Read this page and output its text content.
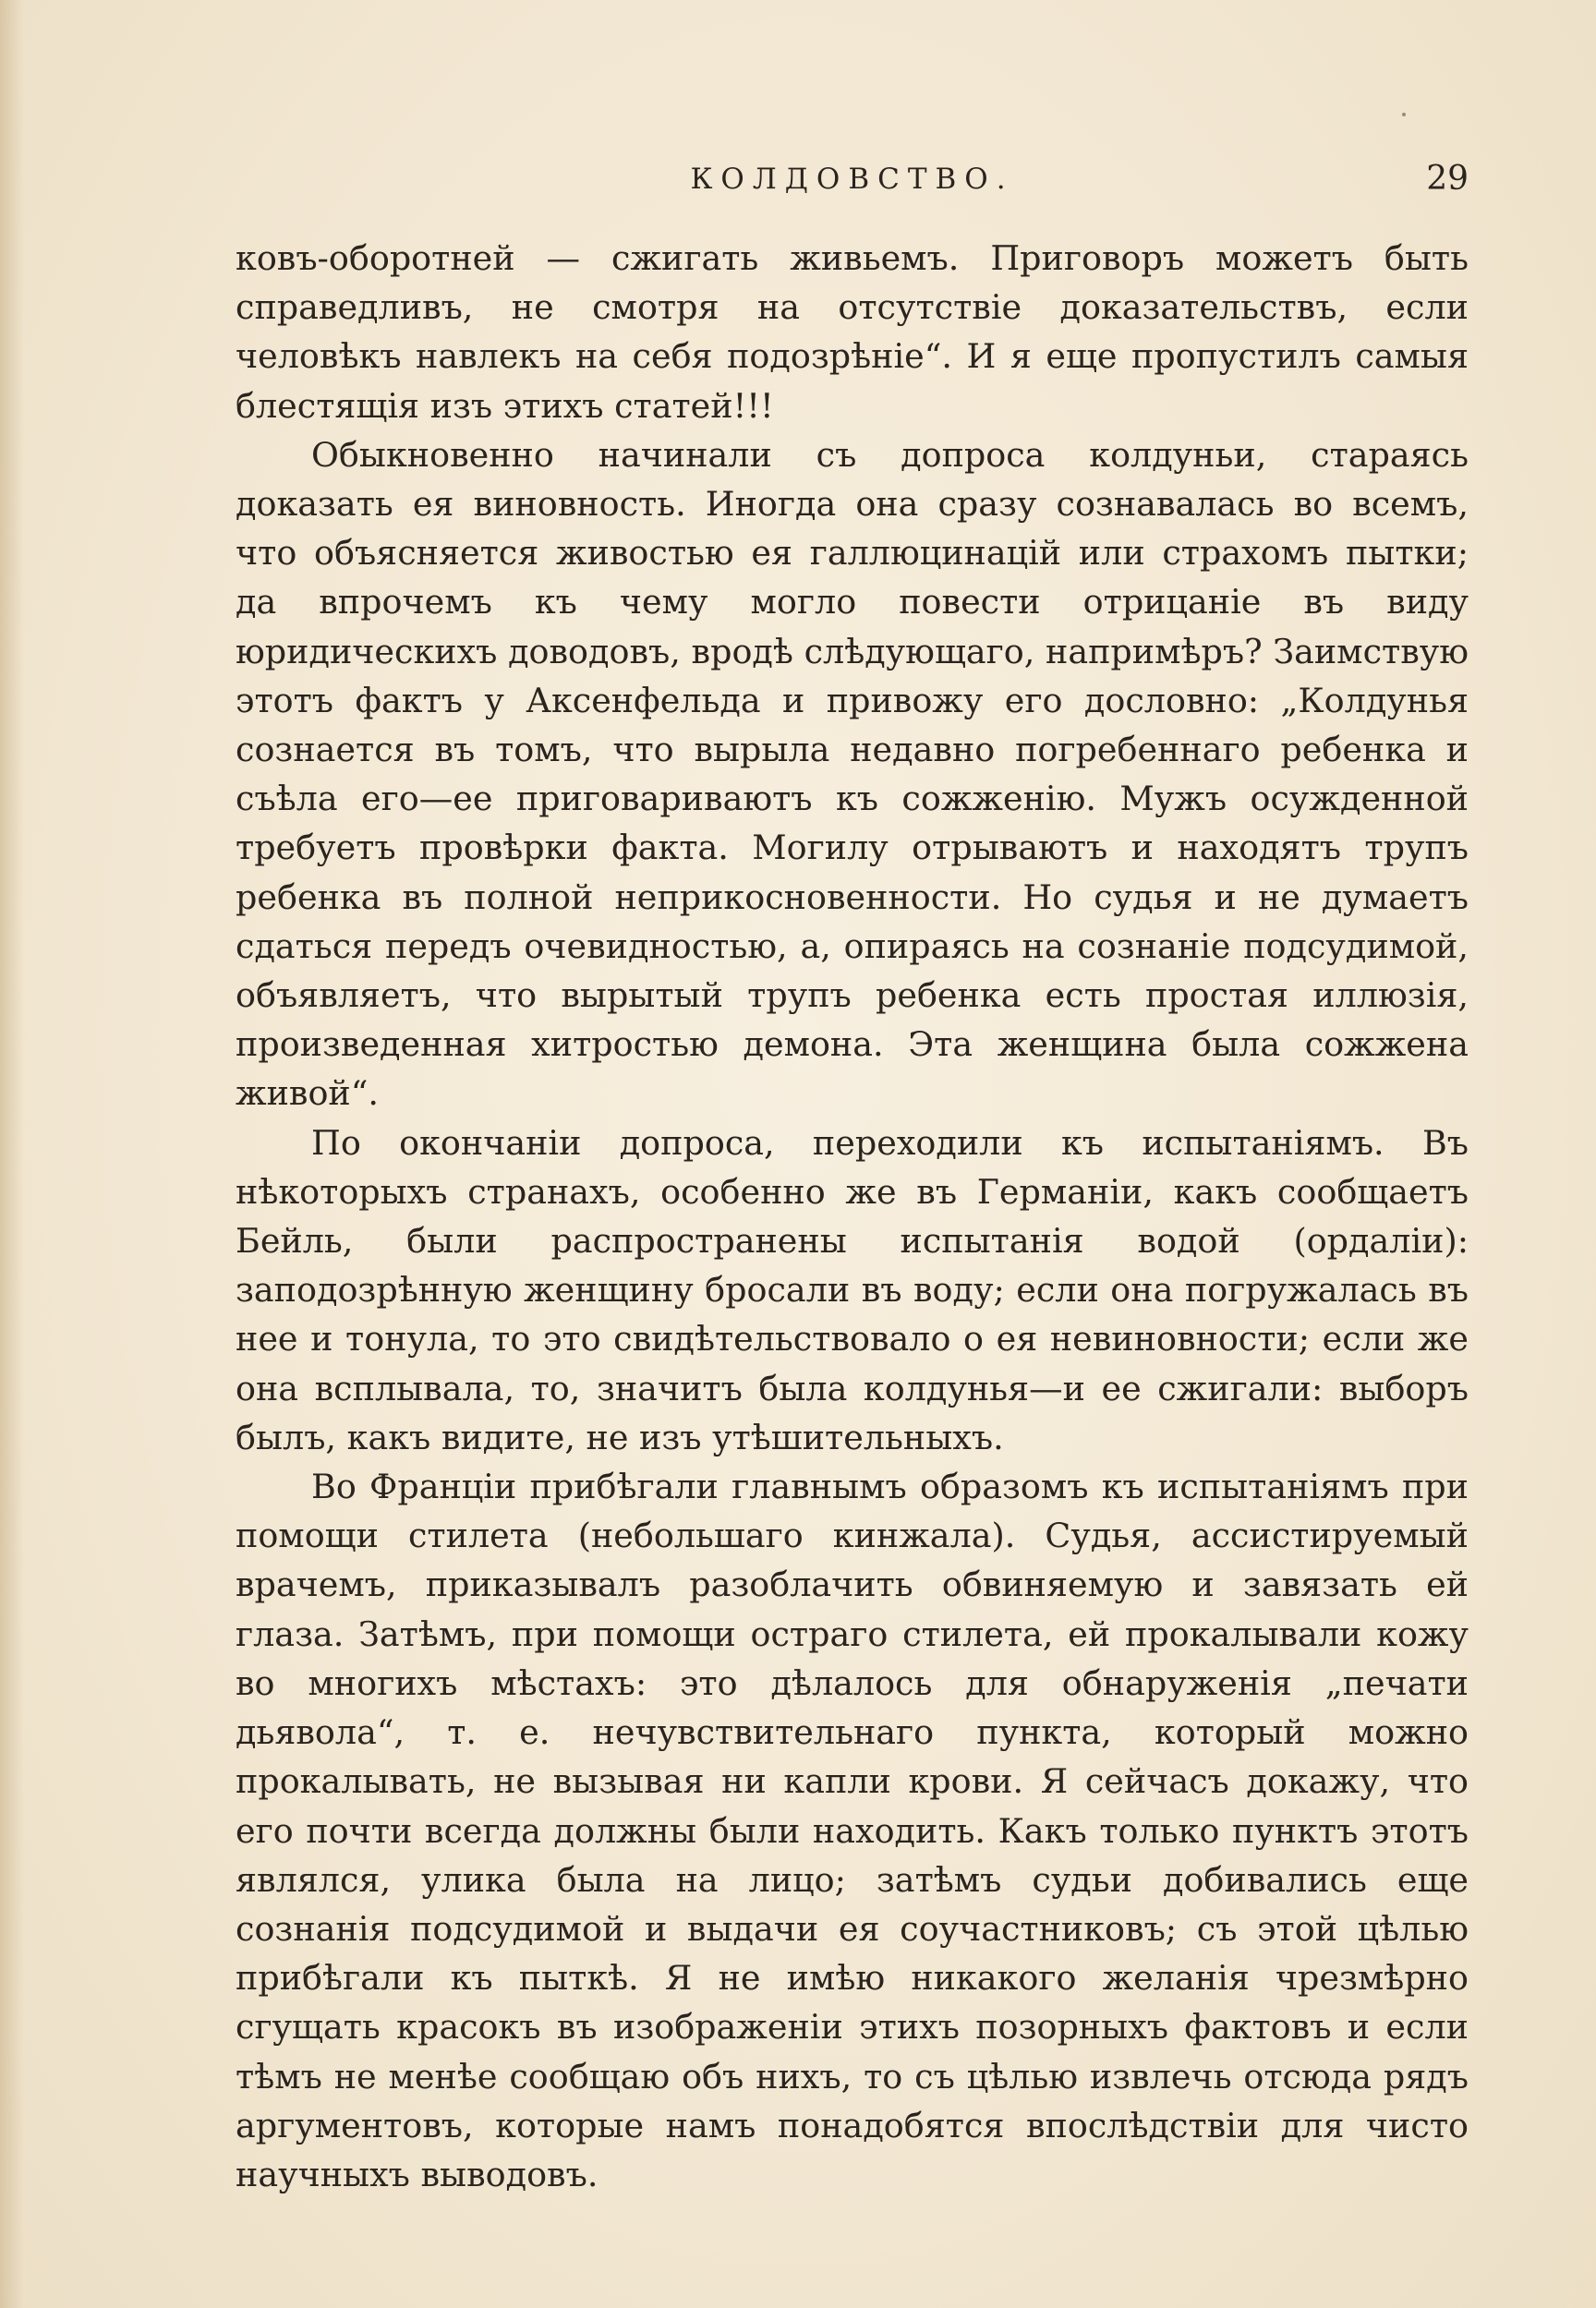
КОЛДОВСТВО.	29

ковъ-оборотней — сжигать живьемъ. Приговоръ можетъ быть справедливъ, не смотря на отсутствіе доказательствъ, если человѣкъ навлекъ на себя подозрѣніе“. И я еще пропустилъ самыя блестящія изъ этихъ статей!!!

Обыкновенно начинали съ допроса колдуньи, стараясь доказать ея виновность. Иногда она сразу сознавалась во всемъ, что объясняется живостью ея галлюцинацій или страхомъ пытки; да впрочемъ къ чему могло повести отрицаніе въ виду юридическихъ доводовъ, вродѣ слѣдующаго, напримѣръ? Заимствую этотъ фактъ у Аксенфельда и привожу его дословно: „Колдунья сознается въ томъ, что вырыла недавно погребеннаго ребенка и съѣла его—ее приговариваютъ къ сожженію. Мужъ осужденной требуетъ провѣрки факта. Могилу отрываютъ и находятъ трупъ ребенка въ полной неприкосновенности. Но судья и не думаетъ сдаться передъ очевидностью, а, опираясь на сознаніе подсудимой, объявляетъ, что вырытый трупъ ребенка есть простая иллюзія, произведенная хитростью демона. Эта женщина была сожжена живой“.

По окончаніи допроса, переходили къ испытаніямъ. Въ нѣкоторыхъ странахъ, особенно же въ Германіи, какъ сообщаетъ Бейль, были распространены испытанія водой (ордаліи): заподозрѣнную женщину бросали въ воду; если она погружалась въ нее и тонула, то это свидѣтельствовало о ея невиновности; если же она всплывала, то, значитъ была колдунья—и ее сжигали: выборъ былъ, какъ видите, не изъ утѣшительныхъ.

Во Франціи прибѣгали главнымъ образомъ къ испытаніямъ при помощи стилета (небольшаго кинжала). Судья, ассистируемый врачемъ, приказывалъ разоблачить обвиняемую и завязать ей глаза. Затѣмъ, при помощи остраго стилета, ей прокалывали кожу во многихъ мѣстахъ: это дѣлалось для обнаруженія „печати дьявола“, т. е. нечувствительнаго пункта, который можно прокалывать, не вызывая ни капли крови. Я сейчасъ докажу, что его почти всегда должны были находить. Какъ только пунктъ этотъ являлся, улика была на лицо; затѣмъ судьи добивались еще сознанія подсудимой и выдачи ея соучастниковъ; съ этой цѣлью прибѣгали къ пыткѣ. Я не имѣю никакого желанія чрезмѣрно сгущать красокъ въ изображеніи этихъ позорныхъ фактовъ и если тѣмъ не менѣе сообщаю объ нихъ, то съ цѣлью извлечь отсюда рядъ аргументовъ, которые намъ понадобятся впослѣдствіи для чисто научныхъ выводовъ.
